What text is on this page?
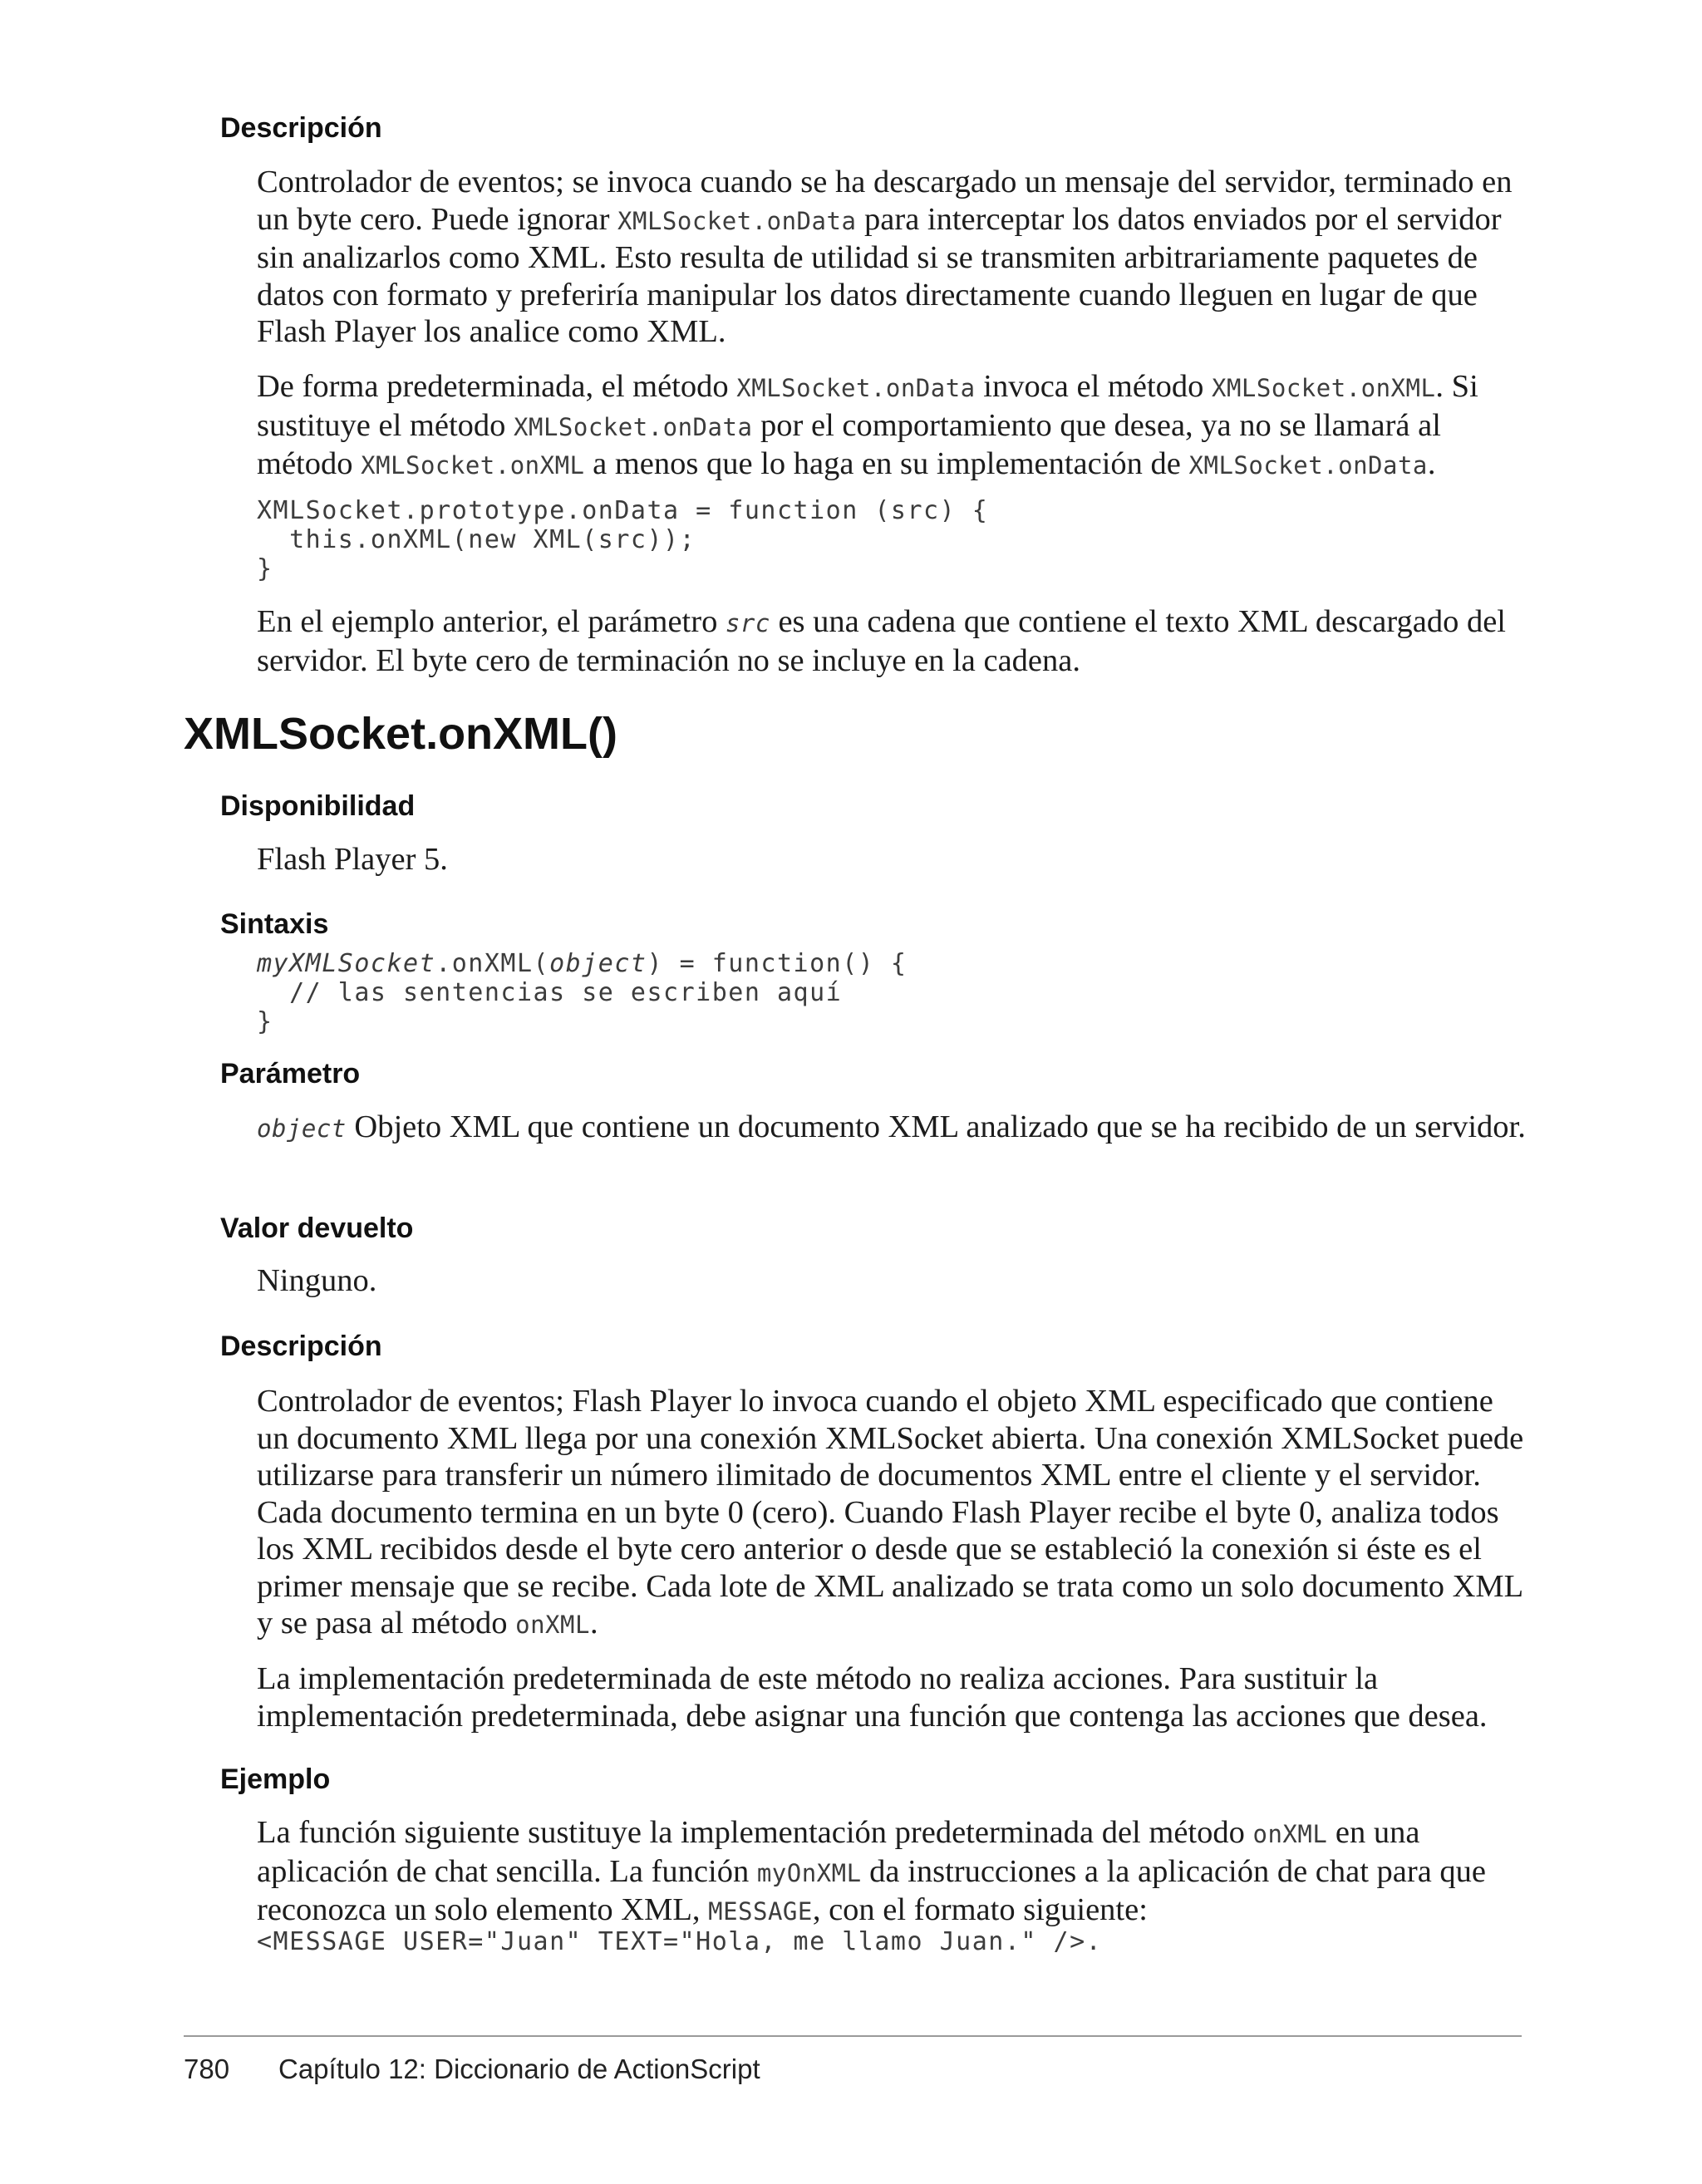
Descripción

Controlador de eventos; se invoca cuando se ha descargado un mensaje del servidor, terminado en un byte cero. Puede ignorar XMLSocket.onData para interceptar los datos enviados por el servidor sin analizarlos como XML. Esto resulta de utilidad si se transmiten arbitrariamente paquetes de datos con formato y preferiría manipular los datos directamente cuando lleguen en lugar de que Flash Player los analice como XML.

De forma predeterminada, el método XMLSocket.onData invoca el método XMLSocket.onXML. Si sustituye el método XMLSocket.onData por el comportamiento que desea, ya no se llamará al método XMLSocket.onXML a menos que lo haga en su implementación de XMLSocket.onData.

XMLSocket.prototype.onData = function (src) {
this.onXML(new XML(src));
}

En el ejemplo anterior, el parámetro src es una cadena que contiene el texto XML descargado del servidor. El byte cero de terminación no se incluye en la cadena.

XMLSocket.onXML()
Disponibilidad

Flash Player 5.

Sintaxis
myXMLSocket.onXML(object) = function() {
// las sentencias se escriben aquí
}
Parámetro

object Objeto XML que contiene un documento XML analizado que se ha recibido de un servidor.

Valor devuelto

Ninguno.

Descripción

Controlador de eventos; Flash Player lo invoca cuando el objeto XML especificado que contiene un documento XML llega por una conexión XMLSocket abierta. Una conexión XMLSocket puede utilizarse para transferir un número ilimitado de documentos XML entre el cliente y el servidor. Cada documento termina en un byte 0 (cero). Cuando Flash Player recibe el byte 0, analiza todos los XML recibidos desde el byte cero anterior o desde que se estableció la conexión si éste es el primer mensaje que se recibe. Cada lote de XML analizado se trata como un solo documento XML y se pasa al método onXML.

La implementación predeterminada de este método no realiza acciones. Para sustituir la implementación predeterminada, debe asignar una función que contenga las acciones que desea.

Ejemplo

La función siguiente sustituye la implementación predeterminada del método onXML en una aplicación de chat sencilla. La función myOnXML da instrucciones a la aplicación de chat para que reconozca un solo elemento XML, MESSAGE, con el formato siguiente:

<MESSAGE USER="Juan" TEXT="Hola, me llamo Juan." />.
780 Capítulo 12: Diccionario de ActionScript
